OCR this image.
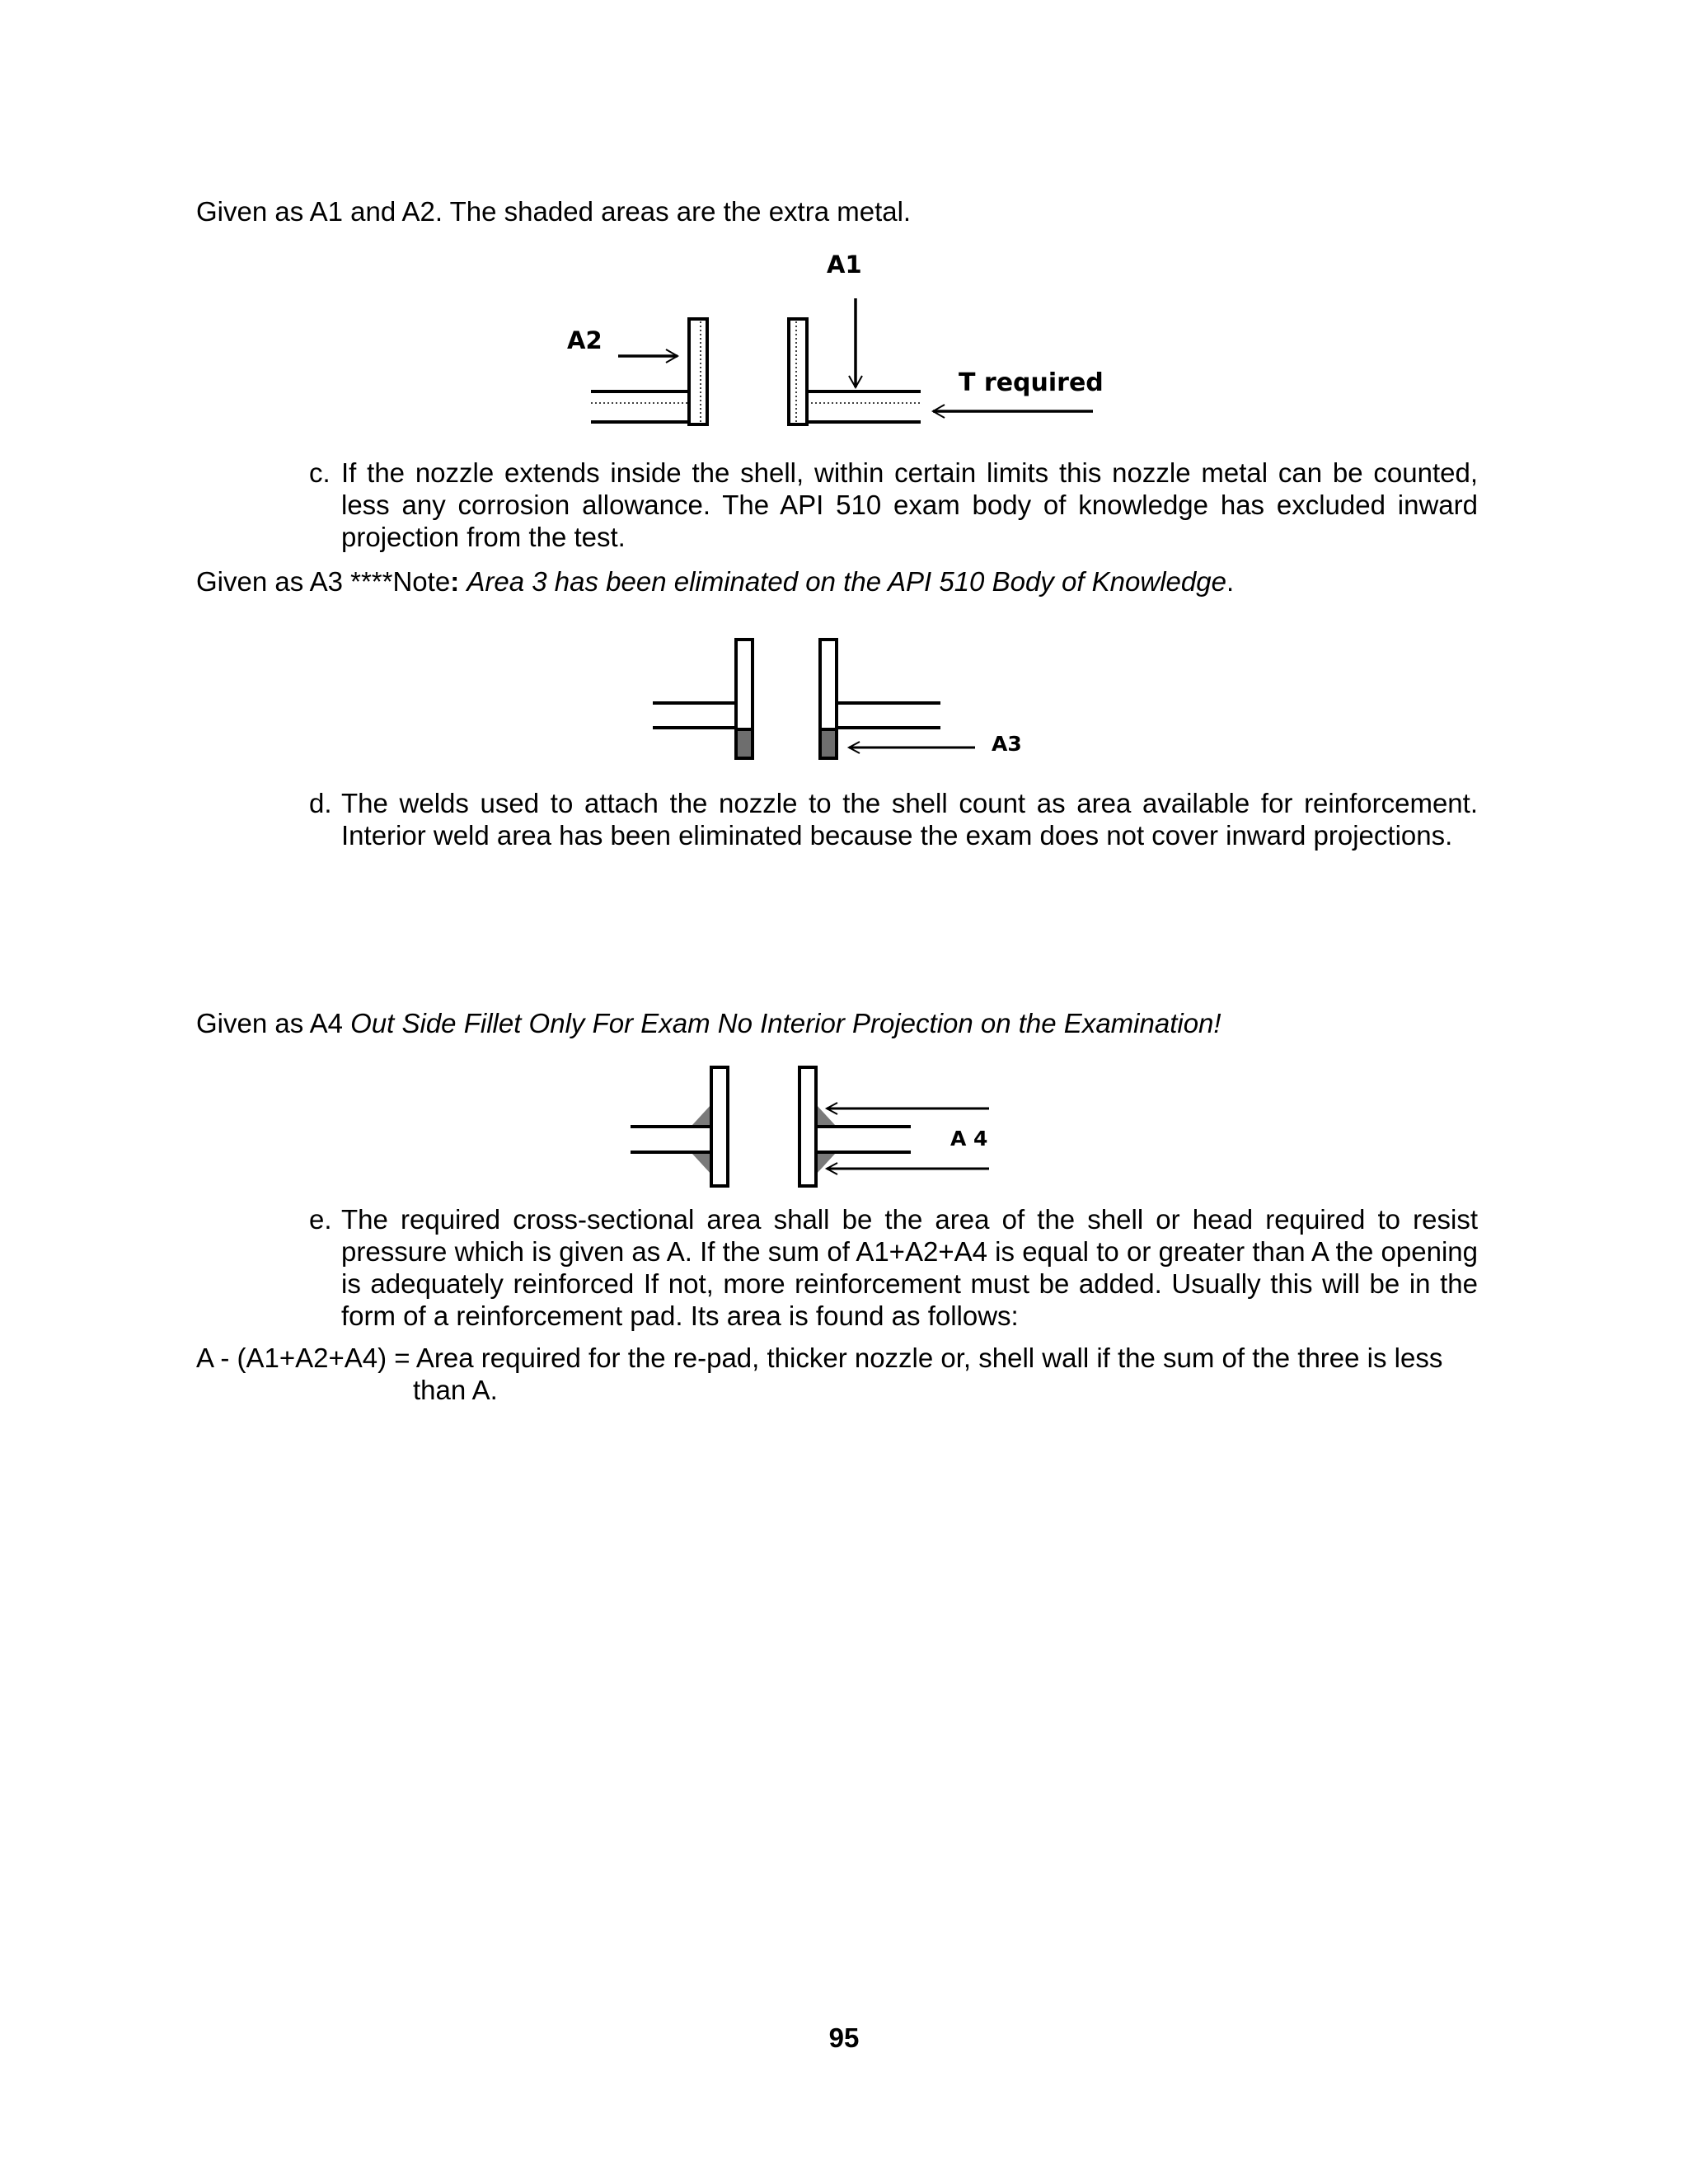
Given as A1 and A2. The shaded areas are the extra metal.

A1
A2
T required
c. If the nozzle extends inside the shell, within certain limits this nozzle metal can be counted, less any corrosion allowance. The API 510 exam body of knowledge has excluded inward projection from the test.

Given as A3 ****Note: Area 3 has been eliminated on the API 510 Body of Knowledge.

A3
d. The welds used to attach the nozzle to the shell count as area available for reinforcement. Interior weld area has been eliminated because the exam does not cover inward projections.

Given as A4 Out Side Fillet Only For Exam No Interior Projection on the Examination!

A 4
e. The required cross-sectional area shall be the area of the shell or head required to resist pressure which is given as A. If the sum of A1+A2+A4 is equal to or greater than A the opening is adequately reinforced If not, more reinforcement must be added. Usually this will be in the form of a reinforcement pad. Its area is found as follows:

A - (A1+A2+A4) = Area required for the re-pad, thicker nozzle or, shell wall if the sum of the three is less

than A.

95
